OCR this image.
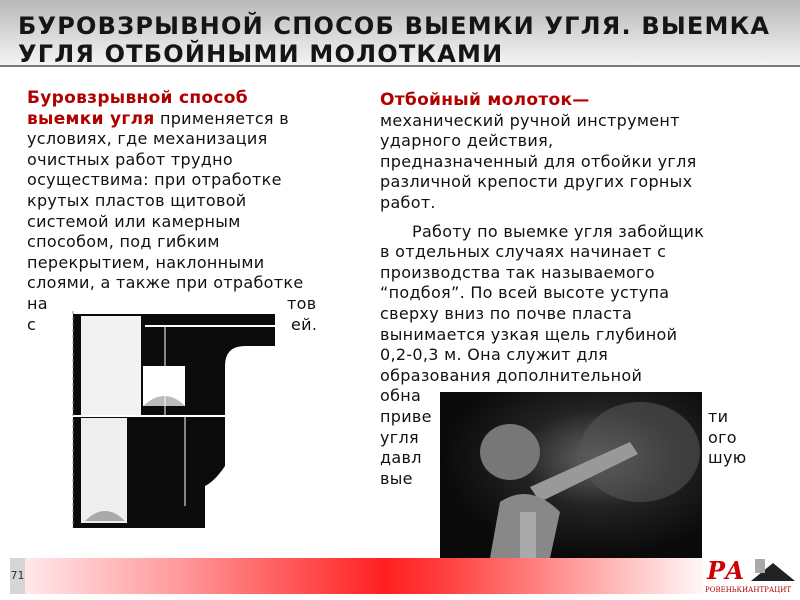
БУРОВЗРЫВНОЙ СПОСОБ ВЫЕМКИ УГЛЯ. ВЫЕМКА
УГЛЯ ОТБОЙНЫМИ МОЛОТКАМИ
Буровзрывной способ
выемки угля применяется в
условиях, где механизация
очистных работ трудно
осуществима: при отработке
крутых пластов щитовой
системой или камерным
способом, под гибким
перекрытием, наклонными
слоями, а также при отработке
на	тов
с	ей.
Отбойный молоток—
механический ручной инструмент
ударного действия,
предназначенный для отбойки угля
различной крепости других горных
работ.
Работу по выемке угля забойщик
в отдельных случаях начинает с
производства так называемого
“подбоя”. По всей высоте уступа
сверху вниз по почве пласта
вынимается узкая щель глубиной
0,2-0,3 м. Она служит для
образования дополнительной
обна
приве	ти
угля	ого
давл	шую
вые
71	РА
РОВЕНЬКИАНТРАЦИТ
